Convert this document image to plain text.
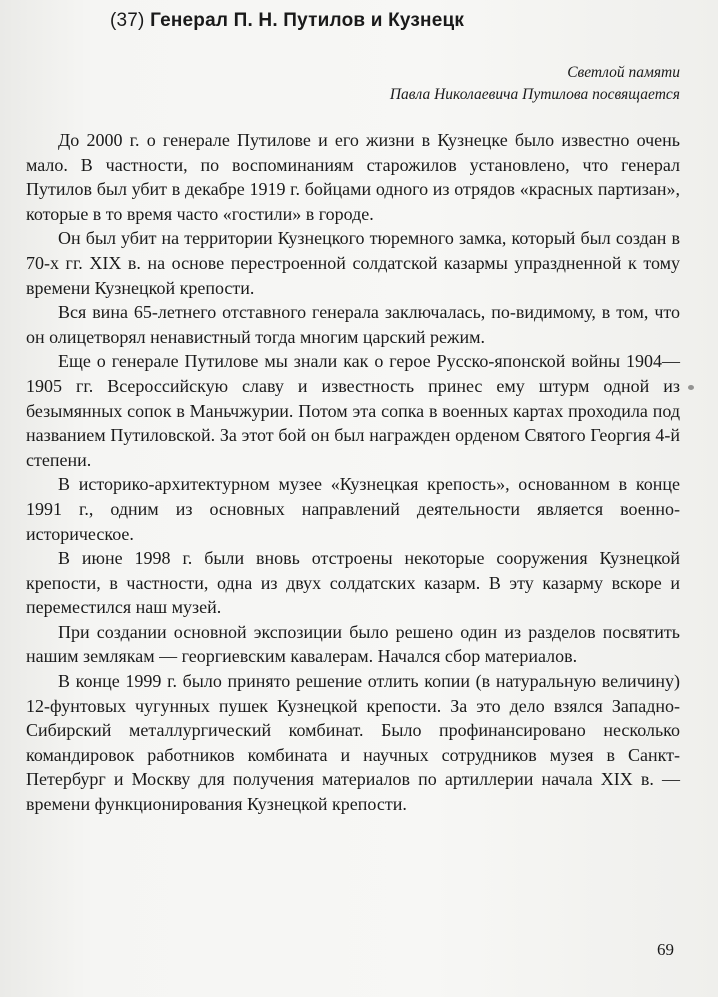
(37) Генерал П. Н. Путилов и Кузнецк
Светлой памяти
Павла Николаевича Путилова посвящается

До 2000 г. о генерале Путилове и его жизни в Кузнецке было известно очень мало. В частности, по воспоминаниям старожилов установлено, что генерал Путилов был убит в декабре 1919 г. бойцами одного из отрядов «красных партизан», которые в то время часто «гостили» в городе.

Он был убит на территории Кузнецкого тюремного замка, который был создан в 70-х гг. XIX в. на основе перестроенной солдатской казармы упраздненной к тому времени Кузнецкой крепости.

Вся вина 65-летнего отставного генерала заключалась, по-видимому, в том, что он олицетворял ненавистный тогда многим царский режим.

Еще о генерале Путилове мы знали как о герое Русско-японской войны 1904—1905 гг. Всероссийскую славу и известность принес ему штурм одной из безымянных сопок в Маньчжурии. Потом эта сопка в военных картах проходила под названием Путиловской. За этот бой он был награжден орденом Святого Георгия 4-й степени.

В историко-архитектурном музее «Кузнецкая крепость», основанном в конце 1991 г., одним из основных направлений деятельности является военно-историческое.

В июне 1998 г. были вновь отстроены некоторые сооружения Кузнецкой крепости, в частности, одна из двух солдатских казарм. В эту казарму вскоре и переместился наш музей.

При создании основной экспозиции было решено один из разделов посвятить нашим землякам — георгиевским кавалерам. Начался сбор материалов.

В конце 1999 г. было принято решение отлить копии (в натуральную величину) 12-фунтовых чугунных пушек Кузнецкой крепости. За это дело взялся Западно-Сибирский металлургический комбинат. Было профинансировано несколько командировок работников комбината и научных сотрудников музея в Санкт-Петербург и Москву для получения материалов по артиллерии начала XIX в. — времени функционирования Кузнецкой крепости.

69
